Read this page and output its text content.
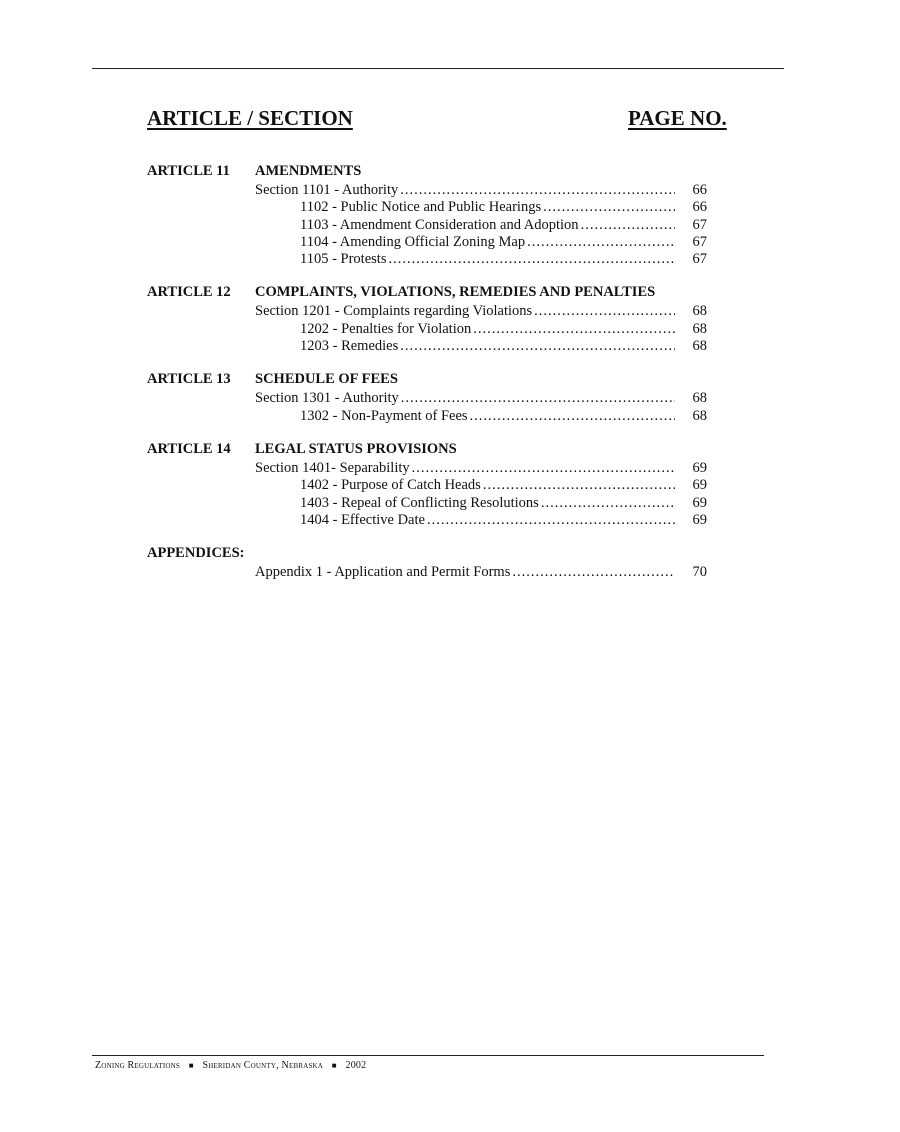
ARTICLE / SECTION	PAGE NO.
ARTICLE 11	AMENDMENTS
Section 1101 - Authority .....	66
1102 - Public Notice and Public Hearings .....	66
1103 - Amendment Consideration and Adoption .....	67
1104 - Amending Official Zoning Map .....	67
1105 - Protests .....	67
ARTICLE 12	COMPLAINTS, VIOLATIONS, REMEDIES AND PENALTIES
Section 1201 - Complaints regarding Violations .....	68
1202 - Penalties for Violation .....	68
1203 - Remedies .....	68
ARTICLE 13	SCHEDULE OF FEES
Section 1301 - Authority .....	68
1302 - Non-Payment of Fees .....	68
ARTICLE 14	LEGAL STATUS PROVISIONS
Section 1401- Separability .....	69
1402 - Purpose of Catch Heads .....	69
1403 - Repeal of Conflicting Resolutions .....	69
1404 - Effective Date .....	69
APPENDICES:
Appendix 1 - Application and Permit Forms .....	70
Zoning Regulations ■ Sheridan County, Nebraska ■ 2002
